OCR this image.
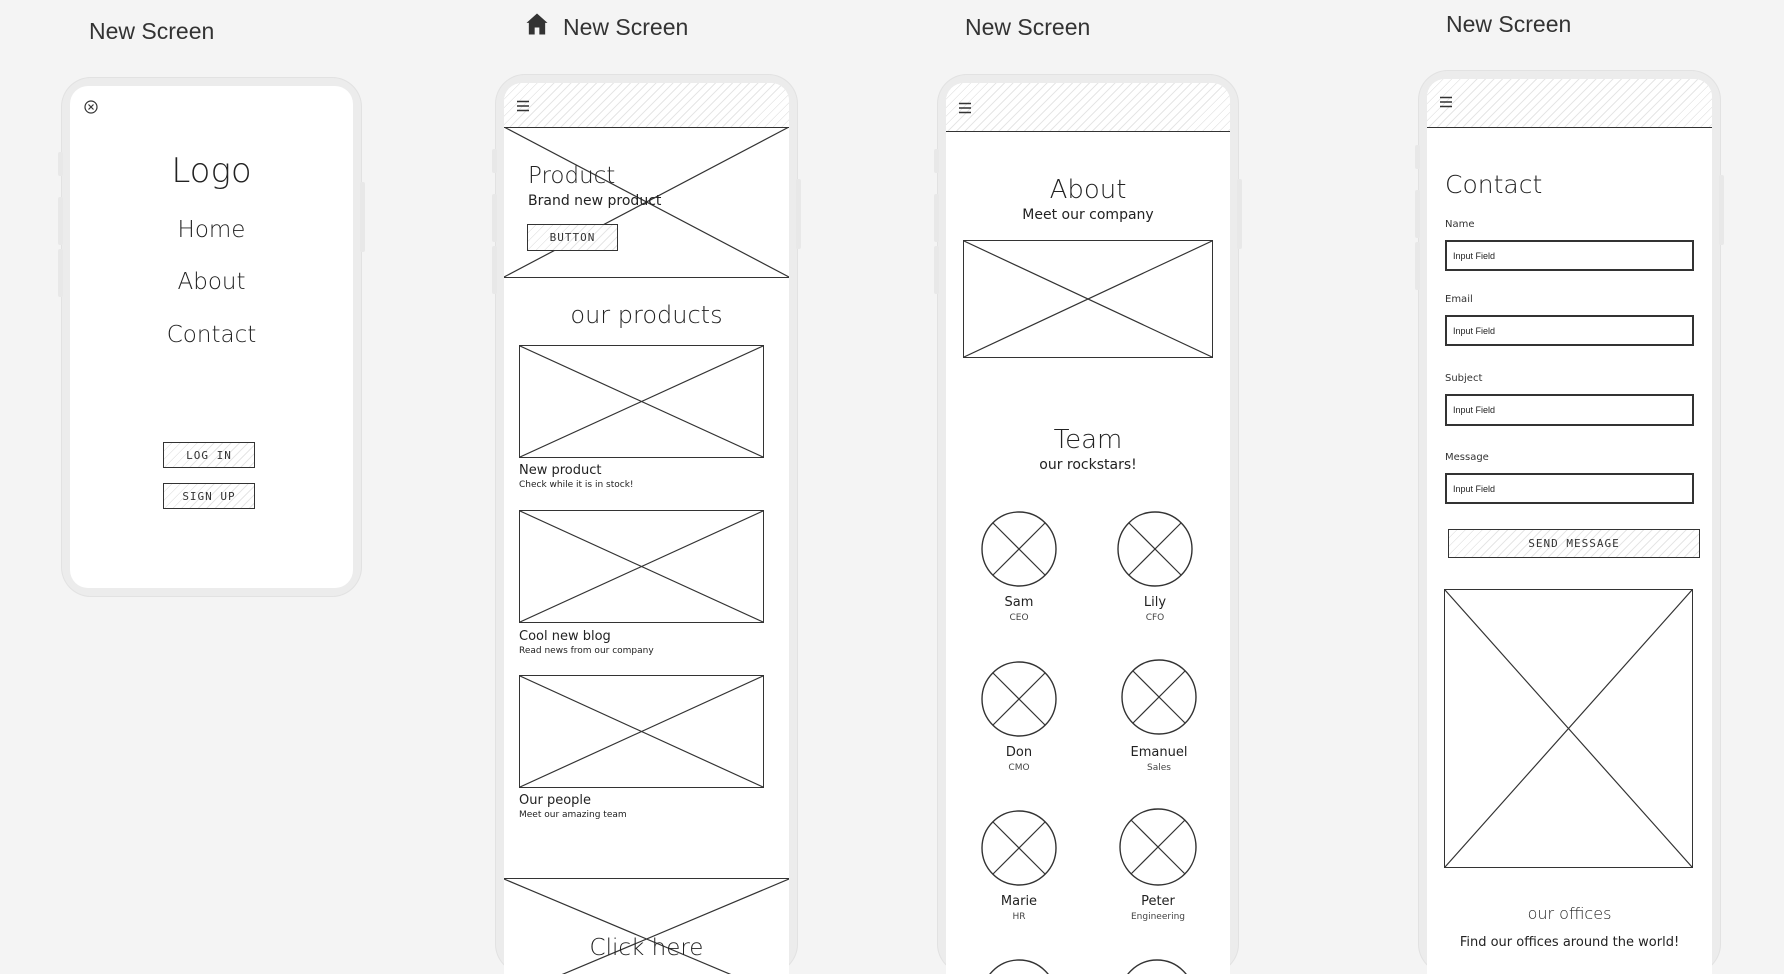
New Screen	New Screen	New Screen	New Screen
Logo
Home
About
Contact
LOG IN
SIGN UP
Product
Brand new product
BUTTON
our products
New product
Check while it is in stock!
Cool new blog
Read news from our company
Our people
Meet our amazing team
Click here
About
Meet our company
Team
our rockstars!
Sam
CEO
Lily
CFO
Don
CMO
Emanuel
Sales
Marie
HR
Peter
Engineering
Contact
Name
Input Field
Email
Input Field
Subject
Input Field
Message
Input Field
SEND MESSAGE
our offices
Find our offices around the world!
